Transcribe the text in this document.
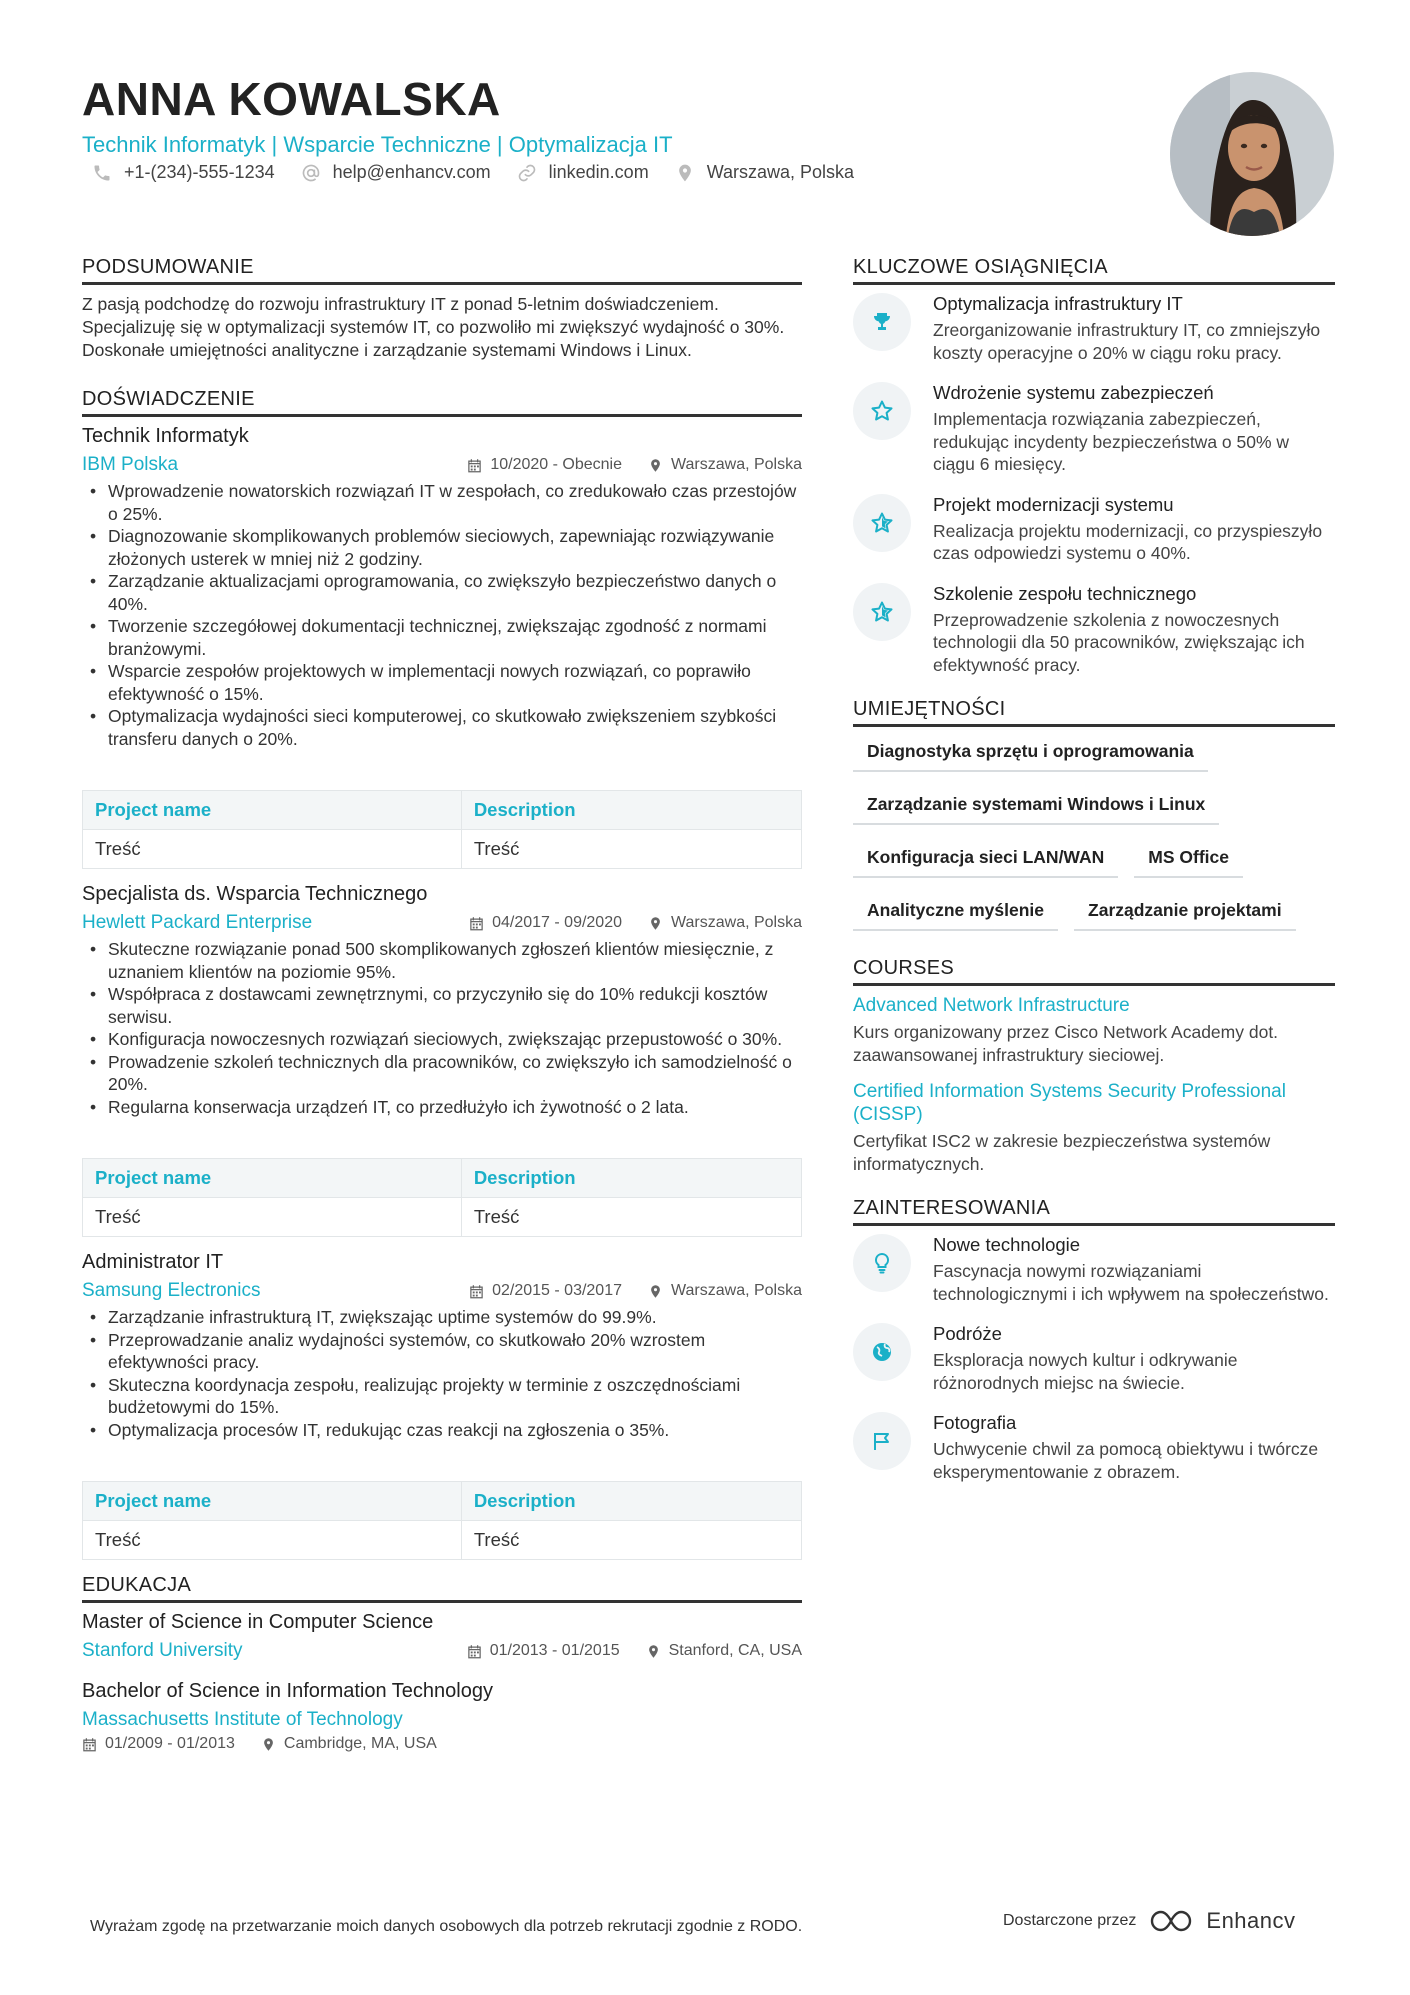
ANNA KOWALSKA
Technik Informatyk | Wsparcie Techniczne | Optymalizacja IT
+1-(234)-555-1234	help@enhancv.com	linkedin.com	Warszawa, Polska
PODSUMOWANIE
Z pasją podchodzę do rozwoju infrastruktury IT z ponad 5-letnim doświadczeniem. Specjalizuję się w optymalizacji systemów IT, co pozwoliło mi zwiększyć wydajność o 30%. Doskonałe umiejętności analityczne i zarządzanie systemami Windows i Linux.
DOŚWIADCZENIE
Technik Informatyk
IBM Polska	10/2020 - Obecnie	Warszawa, Polska
• Wprowadzenie nowatorskich rozwiązań IT w zespołach, co zredukowało czas przestojów o 25%.
• Diagnozowanie skomplikowanych problemów sieciowych, zapewniając rozwiązywanie złożonych usterek w mniej niż 2 godziny.
• Zarządzanie aktualizacjami oprogramowania, co zwiększyło bezpieczeństwo danych o 40%.
• Tworzenie szczegółowej dokumentacji technicznej, zwiększając zgodność z normami branżowymi.
• Wsparcie zespołów projektowych w implementacji nowych rozwiązań, co poprawiło efektywność o 15%.
• Optymalizacja wydajności sieci komputerowej, co skutkowało zwiększeniem szybkości transferu danych o 20%.
Project name	Description
Treść	Treść
Specjalista ds. Wsparcia Technicznego
Hewlett Packard Enterprise	04/2017 - 09/2020	Warszawa, Polska
• Skuteczne rozwiązanie ponad 500 skomplikowanych zgłoszeń klientów miesięcznie, z uznaniem klientów na poziomie 95%.
• Współpraca z dostawcami zewnętrznymi, co przyczyniło się do 10% redukcji kosztów serwisu.
• Konfiguracja nowoczesnych rozwiązań sieciowych, zwiększając przepustowość o 30%.
• Prowadzenie szkoleń technicznych dla pracowników, co zwiększyło ich samodzielność o 20%.
• Regularna konserwacja urządzeń IT, co przedłużyło ich żywotność o 2 lata.
Project name	Description
Treść	Treść
Administrator IT
Samsung Electronics	02/2015 - 03/2017	Warszawa, Polska
• Zarządzanie infrastrukturą IT, zwiększając uptime systemów do 99.9%.
• Przeprowadzanie analiz wydajności systemów, co skutkowało 20% wzrostem efektywności pracy.
• Skuteczna koordynacja zespołu, realizując projekty w terminie z oszczędnościami budżetowymi do 15%.
• Optymalizacja procesów IT, redukując czas reakcji na zgłoszenia o 35%.
Project name	Description
Treść	Treść
EDUKACJA
Master of Science in Computer Science
Stanford University	01/2013 - 01/2015	Stanford, CA, USA
Bachelor of Science in Information Technology
Massachusetts Institute of Technology
01/2009 - 01/2013	Cambridge, MA, USA
KLUCZOWE OSIĄGNIĘCIA
Optymalizacja infrastruktury IT
Zreorganizowanie infrastruktury IT, co zmniejszyło koszty operacyjne o 20% w ciągu roku pracy.
Wdrożenie systemu zabezpieczeń
Implementacja rozwiązania zabezpieczeń, redukując incydenty bezpieczeństwa o 50% w ciągu 6 miesięcy.
Projekt modernizacji systemu
Realizacja projektu modernizacji, co przyspieszyło czas odpowiedzi systemu o 40%.
Szkolenie zespołu technicznego
Przeprowadzenie szkolenia z nowoczesnych technologii dla 50 pracowników, zwiększając ich efektywność pracy.
UMIEJĘTNOŚCI
Diagnostyka sprzętu i oprogramowania
Zarządzanie systemami Windows i Linux
Konfiguracja sieci LAN/WAN	MS Office
Analityczne myślenie	Zarządzanie projektami
COURSES
Advanced Network Infrastructure
Kurs organizowany przez Cisco Network Academy dot. zaawansowanej infrastruktury sieciowej.
Certified Information Systems Security Professional (CISSP)
Certyfikat ISC2 w zakresie bezpieczeństwa systemów informatycznych.
ZAINTERESOWANIA
Nowe technologie
Fascynacja nowymi rozwiązaniami technologicznymi i ich wpływem na społeczeństwo.
Podróże
Eksploracja nowych kultur i odkrywanie różnorodnych miejsc na świecie.
Fotografia
Uchwycenie chwil za pomocą obiektywu i twórcze eksperymentowanie z obrazem.
Wyrażam zgodę na przetwarzanie moich danych osobowych dla potrzeb rekrutacji zgodnie z RODO.	Dostarczone przez	Enhancv
